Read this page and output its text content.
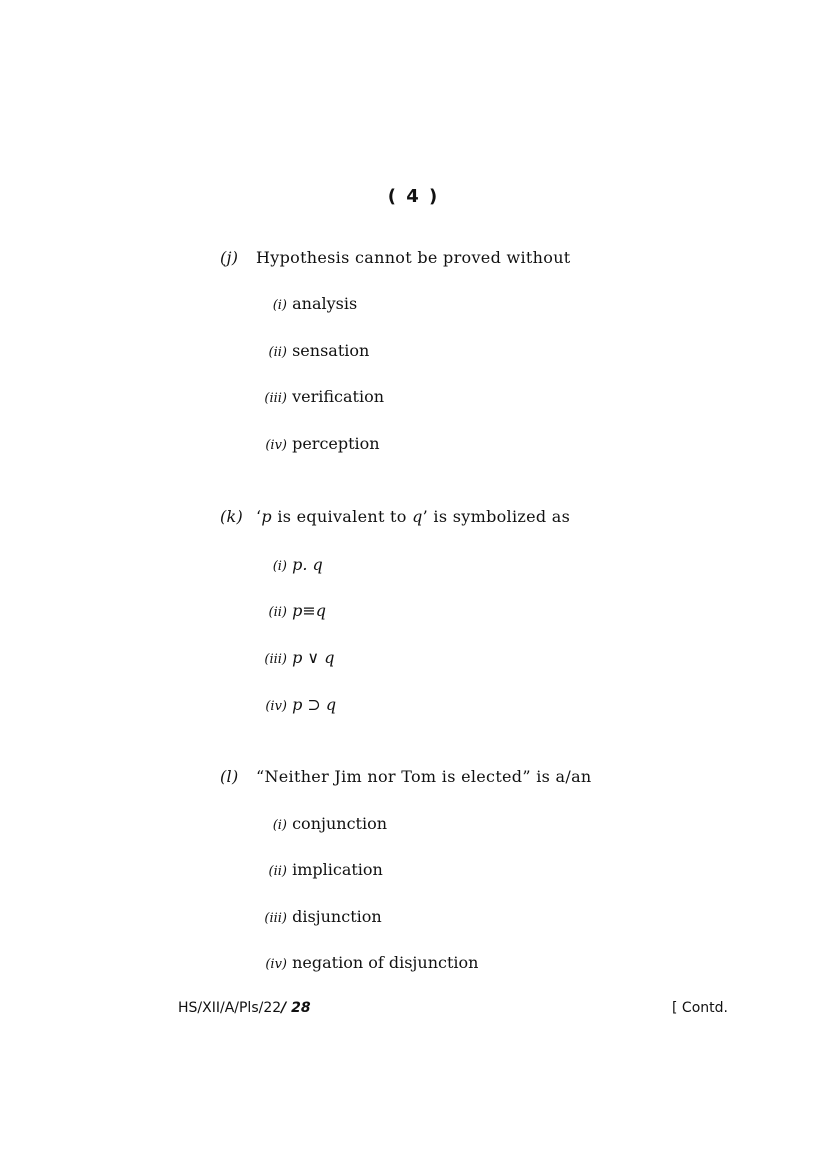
( 4 )
(j) Hypothesis cannot be proved without
(i) analysis
(ii) sensation
(iii) verification
(iv) perception
(k) ‘p is equivalent to q’ is symbolized as
(i) p. q
(ii) p≡q
(iii) p ∨ q
(iv) p ⊃ q
(l) “Neither Jim nor Tom is elected” is a/an
(i) conjunction
(ii) implication
(iii) disjunction
(iv) negation of disjunction
HS/XII/A/Pls/22/ 28	[ Contd.
